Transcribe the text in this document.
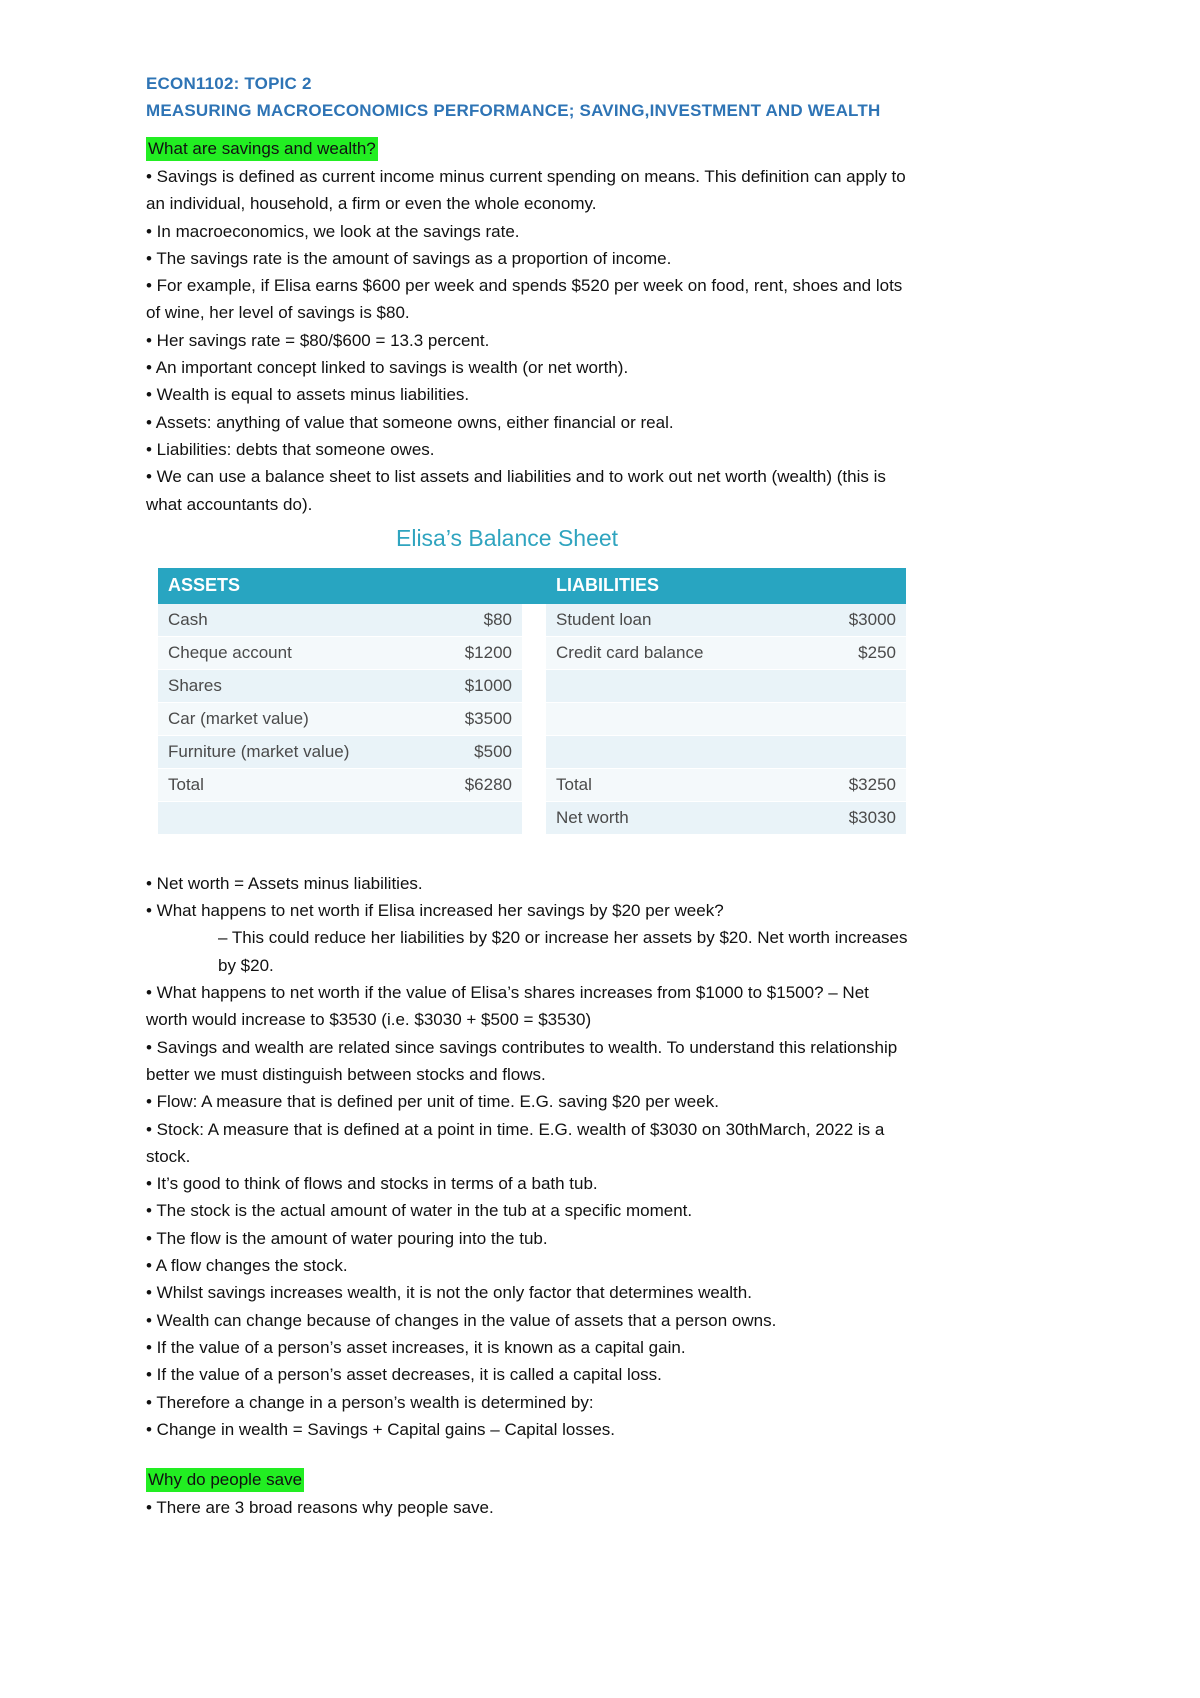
ECON1102: TOPIC 2
MEASURING MACROECONOMICS PERFORMANCE; SAVING,INVESTMENT AND WEALTH
What are savings and wealth?
• Savings is defined as current income minus current spending on means. This definition can apply to
an individual, household, a firm or even the whole economy.
• In macroeconomics, we look at the savings rate.
• The savings rate is the amount of savings as a proportion of income.
• For example, if Elisa earns $600 per week and spends $520 per week on food, rent, shoes and lots
of wine, her level of savings is $80.
• Her savings rate = $80/$600 = 13.3 percent.
• An important concept linked to savings is wealth (or net worth).
• Wealth is equal to assets minus liabilities.
• Assets: anything of value that someone owns, either financial or real.
• Liabilities: debts that someone owes.
• We can use a balance sheet to list assets and liabilities and to work out net worth (wealth) (this is
what accountants do).
Elisa’s Balance Sheet
ASSETS			LIABILITIES	
Cash	$80		Student loan	$3000
Cheque account	$1200		Credit card balance	$250
Shares	$1000			
Car (market value)	$3500			
Furniture (market value)	$500			
Total	$6280		Total	$3250
			Net worth	$3030
• Net worth = Assets minus liabilities.
• What happens to net worth if Elisa increased her savings by $20 per week?
– This could reduce her liabilities by $20 or increase her assets by $20. Net worth increases
by $20.
• What happens to net worth if the value of Elisa’s shares increases from $1000 to $1500? – Net
worth would increase to $3530 (i.e. $3030 + $500 = $3530)
• Savings and wealth are related since savings contributes to wealth. To understand this relationship
better we must distinguish between stocks and flows.
• Flow: A measure that is defined per unit of time. E.G. saving $20 per week.
• Stock: A measure that is defined at a point in time. E.G. wealth of $3030 on 30thMarch, 2022 is a
stock.
• It’s good to think of flows and stocks in terms of a bath tub.
• The stock is the actual amount of water in the tub at a specific moment.
• The flow is the amount of water pouring into the tub.
• A flow changes the stock.
• Whilst savings increases wealth, it is not the only factor that determines wealth.
• Wealth can change because of changes in the value of assets that a person owns.
• If the value of a person’s asset increases, it is known as a capital gain.
• If the value of a person’s asset decreases, it is called a capital loss.
• Therefore a change in a person’s wealth is determined by:
• Change in wealth = Savings + Capital gains – Capital losses.
Why do people save
• There are 3 broad reasons why people save.
